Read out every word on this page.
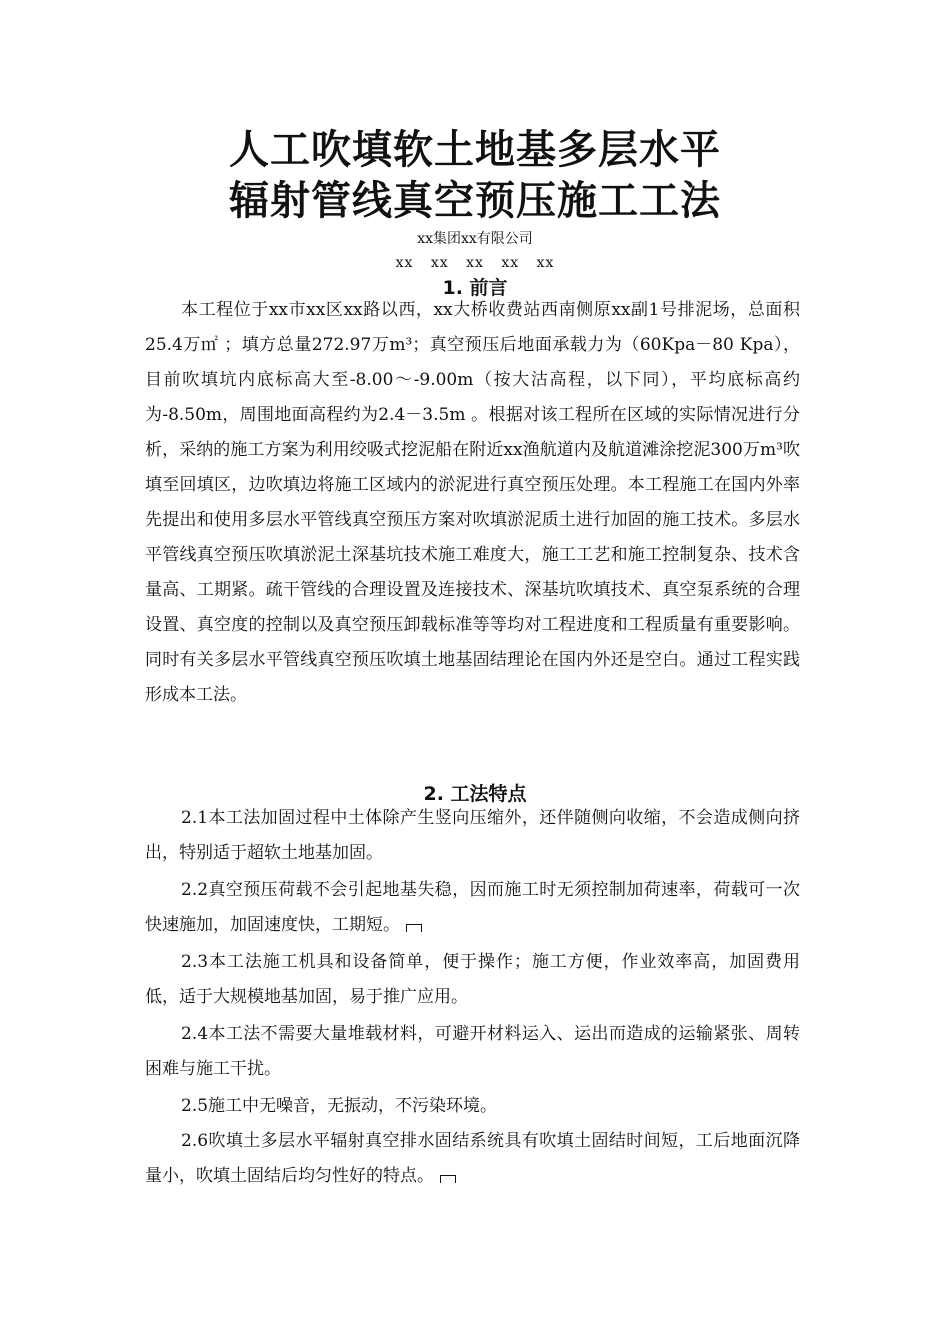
人工吹填软土地基多层水平
辐射管线真空预压施工工法
xx集团xx有限公司
xx xx xx xx xx
1. 前言

本工程位于xx市xx区xx路以西，xx大桥收费站西南侧原xx副1号排泥场，总面积25.4万㎡ ；填方总量272.97万m³；真空预压后地面承载力为（60Kpa－80 Kpa），目前吹填坑内底标高大至-8.00～-9.00m（按大沽高程，以下同），平均底标高约为-8.50m，周围地面高程约为2.4－3.5m 。根据对该工程所在区域的实际情况进行分析，采纳的施工方案为利用绞吸式挖泥船在附近xx渔航道内及航道滩涂挖泥300万m³吹填至回填区，边吹填边将施工区域内的淤泥进行真空预压处理。本工程施工在国内外率先提出和使用多层水平管线真空预压方案对吹填淤泥质土进行加固的施工技术。多层水平管线真空预压吹填淤泥土深基坑技术施工难度大，施工工艺和施工控制复杂、技术含量高、工期紧。疏干管线的合理设置及连接技术、深基坑吹填技术、真空泵系统的合理设置、真空度的控制以及真空预压卸载标准等等均对工程进度和工程质量有重要影响。同时有关多层水平管线真空预压吹填土地基固结理论在国内外还是空白。通过工程实践形成本工法。

2. 工法特点

2.1本工法加固过程中土体除产生竖向压缩外，还伴随侧向收缩，不会造成侧向挤出，特别适于超软土地基加固。

2.2真空预压荷载不会引起地基失稳，因而施工时无须控制加荷速率，荷载可一次快速施加，加固速度快，工期短。

2.3本工法施工机具和设备简单，便于操作；施工方便，作业效率高，加固费用低，适于大规模地基加固，易于推广应用。

2.4本工法不需要大量堆载材料，可避开材料运入、运出而造成的运输紧张、周转困难与施工干扰。

2.5施工中无噪音，无振动，不污染环境。

2.6吹填土多层水平辐射真空排水固结系统具有吹填土固结时间短，工后地面沉降量小，吹填土固结后均匀性好的特点。
